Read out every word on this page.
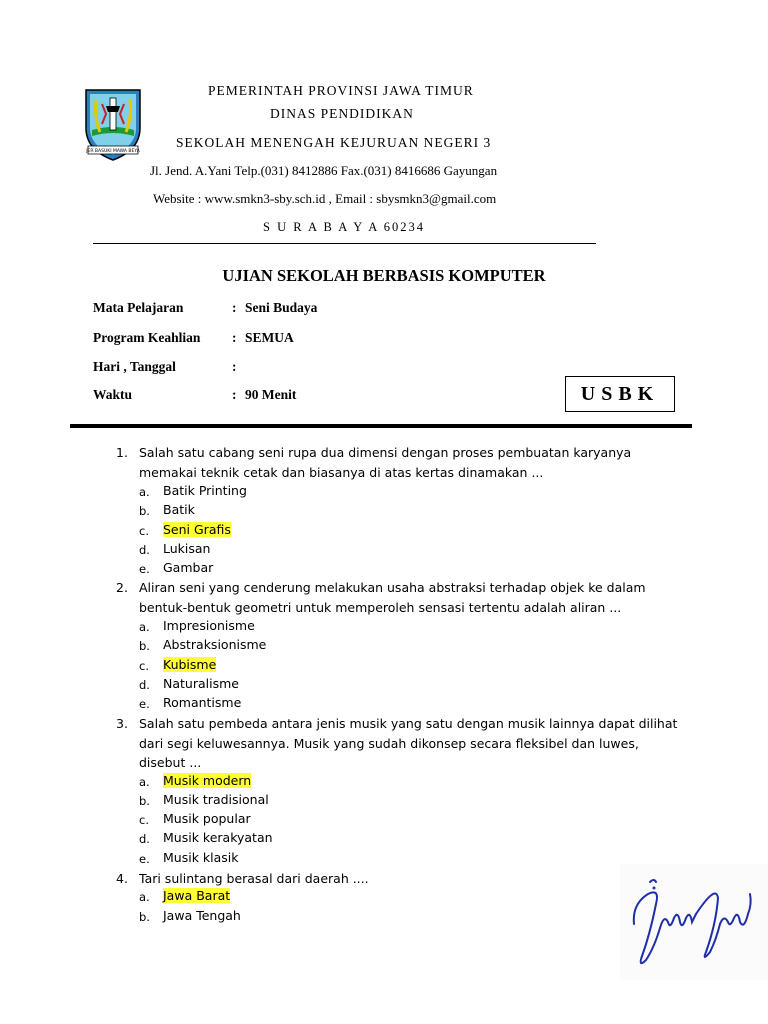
JER BASUKI MAWA BEYA
PEMERINTAH PROVINSI JAWA TIMUR
DINAS PENDIDIKAN
SEKOLAH MENENGAH KEJURUAN NEGERI 3
Jl. Jend. A.Yani Telp.(031) 8412886 Fax.(031) 8416686 Gayungan
Website : www.smkn3-sby.sch.id , Email : sbysmkn3@gmail.com
S U R A B A Y A 60234
UJIAN SEKOLAH BERBASIS KOMPUTER
Mata Pelajaran	: Seni Budaya
Program Keahlian : SEMUA
Hari , Tanggal	:
Waktu	: 90 Menit	USBK
1. Salah satu cabang seni rupa dua dimensi dengan proses pembuatan karyanya memakai teknik cetak dan biasanya di atas kertas dinamakan ...
a. Batik Printing
b. Batik
c. Seni Grafis
d. Lukisan
e. Gambar
2. Aliran seni yang cenderung melakukan usaha abstraksi terhadap objek ke dalam bentuk-bentuk geometri untuk memperoleh sensasi tertentu adalah aliran ...
a. Impresionisme
b. Abstraksionisme
c. Kubisme
d. Naturalisme
e. Romantisme
3. Salah satu pembeda antara jenis musik yang satu dengan musik lainnya dapat dilihat dari segi keluwesannya. Musik yang sudah dikonsep secara fleksibel dan luwes, disebut ...
a. Musik modern
b. Musik tradisional
c. Musik popular
d. Musik kerakyatan
e. Musik klasik
4. Tari sulintang berasal dari daerah ....
a. Jawa Barat
b. Jawa Tengah
